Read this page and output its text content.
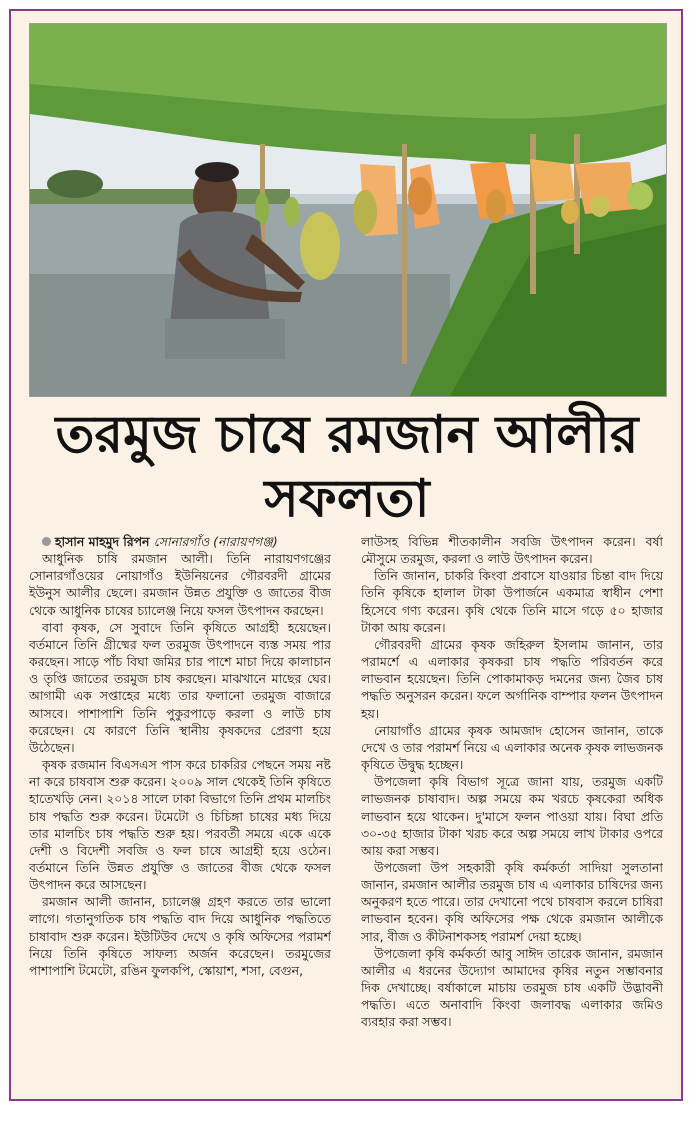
তরমুজ চাষে রমজান আলীর সফলতা

হাসান মাহমুদ রিপন সোনারগাঁও (নারায়ণগঞ্জ)

আধুনিক চাষি রমজান আলী। তিনি নারায়ণগঞ্জের সোনারগাঁওয়ের নোয়াগাঁও ইউনিয়নের গৌরবরদী গ্রামের ইউনুস আলীর ছেলে। রমজান উন্নত প্রযুক্তি ও জাতের বীজ থেকে আধুনিক চাষের চ্যালেঞ্জ নিয়ে ফসল উৎপাদন করছেন।

বাবা কৃষক, সে সুবাদে তিনি কৃষিতে আগ্রহী হয়েছেন। বর্তমানে তিনি গ্রীষ্মের ফল তরমুজ উৎপাদনে ব্যস্ত সময় পার করছেন। সাড়ে পাঁচ বিঘা জমির চার পাশে মাচা দিয়ে কালাচান ও তৃপ্তি জাতের তরমুজ চাষ করছেন। মাঝখানে মাছের ঘের। আগামী এক সপ্তাহের মধ্যে তার ফলানো তরমুজ বাজারে আসবে। পাশাপাশি তিনি পুকুরপাড়ে করলা ও লাউ চাষ করেছেন। যে কারণে তিনি স্থানীয় কৃষকদের প্রেরণা হয়ে উঠেছেন।

কৃষক রজমান বিএসএস পাস করে চাকরির পেছনে সময় নষ্ট না করে চাষবাস শুরু করেন। ২০০৯ সাল থেকেই তিনি কৃষিতে হাতেখড়ি নেন। ২০১৪ সালে ঢাকা বিভাগে তিনি প্রথম মালচিং চাষ পদ্ধতি শুরু করেন। টমেটো ও চিচিঙ্গা চাষের মধ্য দিয়ে তার মালচিং চাষ পদ্ধতি শুরু হয়। পরবর্তী সময়ে একে একে দেশী ও বিদেশী সবজি ও ফল চাষে আগ্রহী হয়ে ওঠেন। বর্তমানে তিনি উন্নত প্রযুক্তি ও জাতের বীজ থেকে ফসল উৎপাদন করে আসছেন।

রমজান আলী জানান, চ্যালেঞ্জ গ্রহণ করতে তার ভালো লাগে। গতানুগতিক চাষ পদ্ধতি বাদ দিয়ে আধুনিক পদ্ধতিতে চাষাবাদ শুরু করেন। ইউটিউব দেখে ও কৃষি অফিসের পরামর্শ নিয়ে তিনি কৃষিতে সাফল্য অর্জন করেছেন। তরমুজের পাশাপাশি টমেটো, রঙিন ফুলকপি, স্কোয়াশ, শসা, বেগুন,

লাউসহ বিভিন্ন শীতকালীন সবজি উৎপাদন করেন। বর্ষা মৌসুমে তরমুজ, করলা ও লাউ উৎপাদন করেন।

তিনি জানান, চাকরি কিংবা প্রবাসে যাওয়ার চিন্তা বাদ দিয়ে তিনি কৃষিকে হালাল টাকা উপার্জনে একমাত্র স্বাধীন পেশা হিসেবে গণ্য করেন। কৃষি থেকে তিনি মাসে গড়ে ৫০ হাজার টাকা আয় করেন।

গৌরবরদী গ্রামের কৃষক জহিরুল ইসলাম জানান, তার পরামর্শে এ এলাকার কৃষকরা চাষ পদ্ধতি পরিবর্তন করে লাভবান হয়েছেন। তিনি পোকামাকড় দমনের জন্য জৈব চাষ পদ্ধতি অনুসরন করেন। ফলে অর্গানিক বাম্পার ফলন উৎপাদন হয়।

নোয়াগাঁও গ্রামের কৃষক আমজাদ হোসেন জানান, তাকে দেখে ও তার পরামর্শ নিয়ে এ এলাকার অনেক কৃষক লাভজনক কৃষিতে উদ্বুদ্ধ হচ্ছেন।

উপজেলা কৃষি বিভাগ সূত্রে জানা যায়, তরমুজ একটি লাভজনক চাষাবাদ। অল্প সময়ে কম খরচে কৃষকেরা অধিক লাভবান হয়ে থাকেন। দু'মাসে ফলন পাওয়া যায়। বিঘা প্রতি ৩০-৩৫ হাজার টাকা খরচ করে অল্প সময়ে লাখ টাকার ওপরে আয় করা সম্ভব।

উপজেলা উপ সহকারী কৃষি কর্মকর্তা সাদিয়া সুলতানা জানান, রমজান আলীর তরমুজ চাষ এ এলাকার চাষিদের জন্য অনুকরণ হতে পারে। তার দেখানো পথে চাষবাস করলে চাষিরা লাভবান হবেন। কৃষি অফিসের পক্ষ থেকে রমজান আলীকে সার, বীজ ও কীটনাশকসহ পরামর্শ দেয়া হচ্ছে।

উপজেলা কৃষি কর্মকর্তা আবু সাঈদ তারেক জানান, রমজান আলীর এ ধরনের উদ্যোগ আমাদের কৃষির নতুন সম্ভাবনার দিক দেখাচ্ছে। বর্ষাকালে মাচায় তরমুজ চাষ একটি উদ্ভাবনী পদ্ধতি। এতে অনাবাদি কিংবা জলাবদ্ধ এলাকার জমিও ব্যবহার করা সম্ভব।
